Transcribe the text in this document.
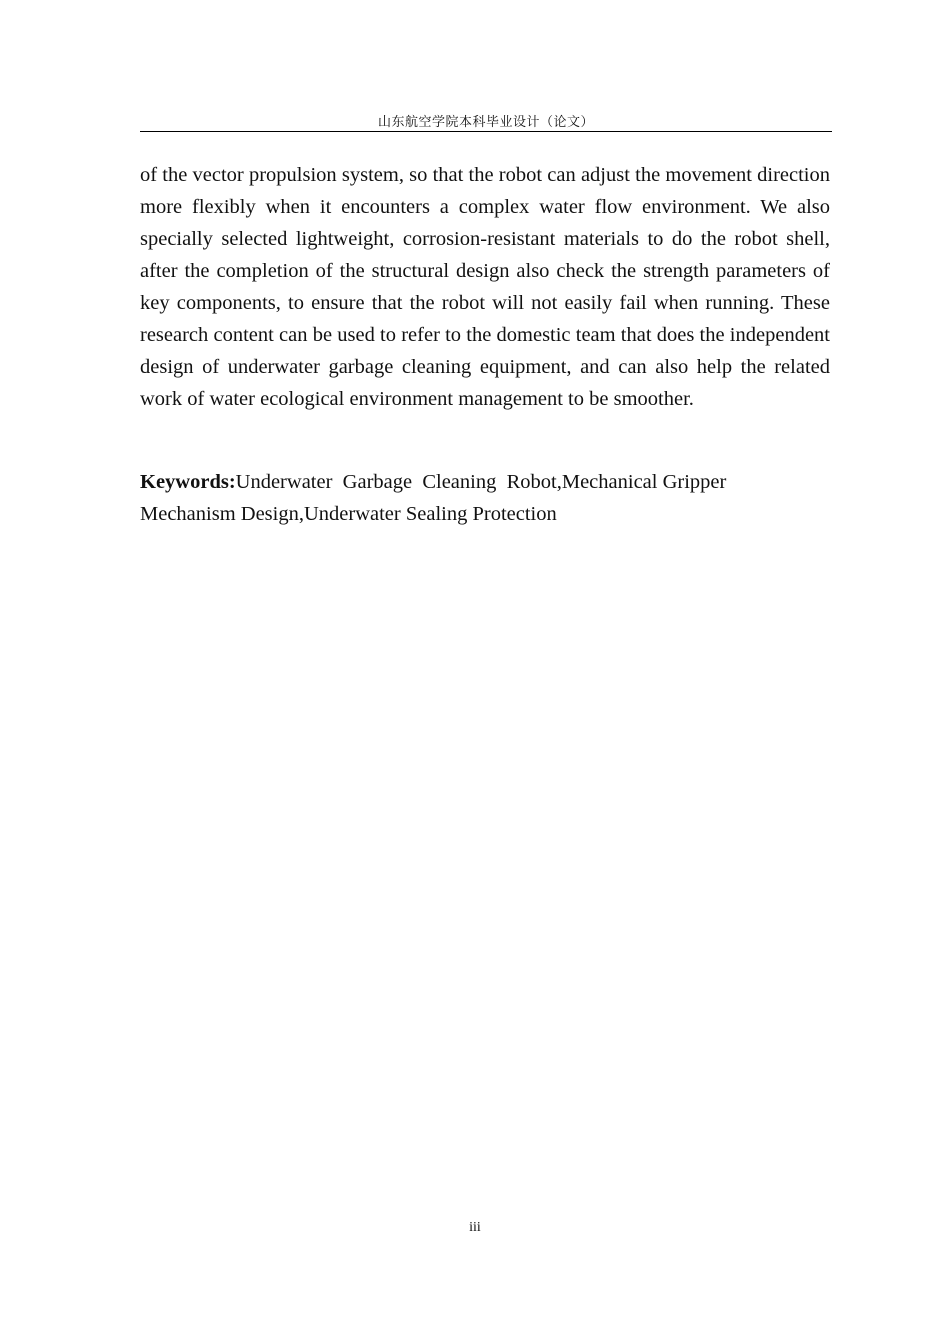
山东航空学院本科毕业设计（论文）

of the vector propulsion system, so that the robot can adjust the movement direction more flexibly when it encounters a complex water flow environment. We also specially selected lightweight, corrosion-resistant materials to do the robot shell, after the completion of the structural design also check the strength parameters of key components, to ensure that the robot will not easily fail when running. These research content can be used to refer to the domestic team that does the independent design of underwater garbage cleaning equipment, and can also help the related work of water ecological environment management to be smoother.

Keywords:Underwater  Garbage  Cleaning  Robot,Mechanical Gripper
Mechanism Design,Underwater Sealing Protection
iii
